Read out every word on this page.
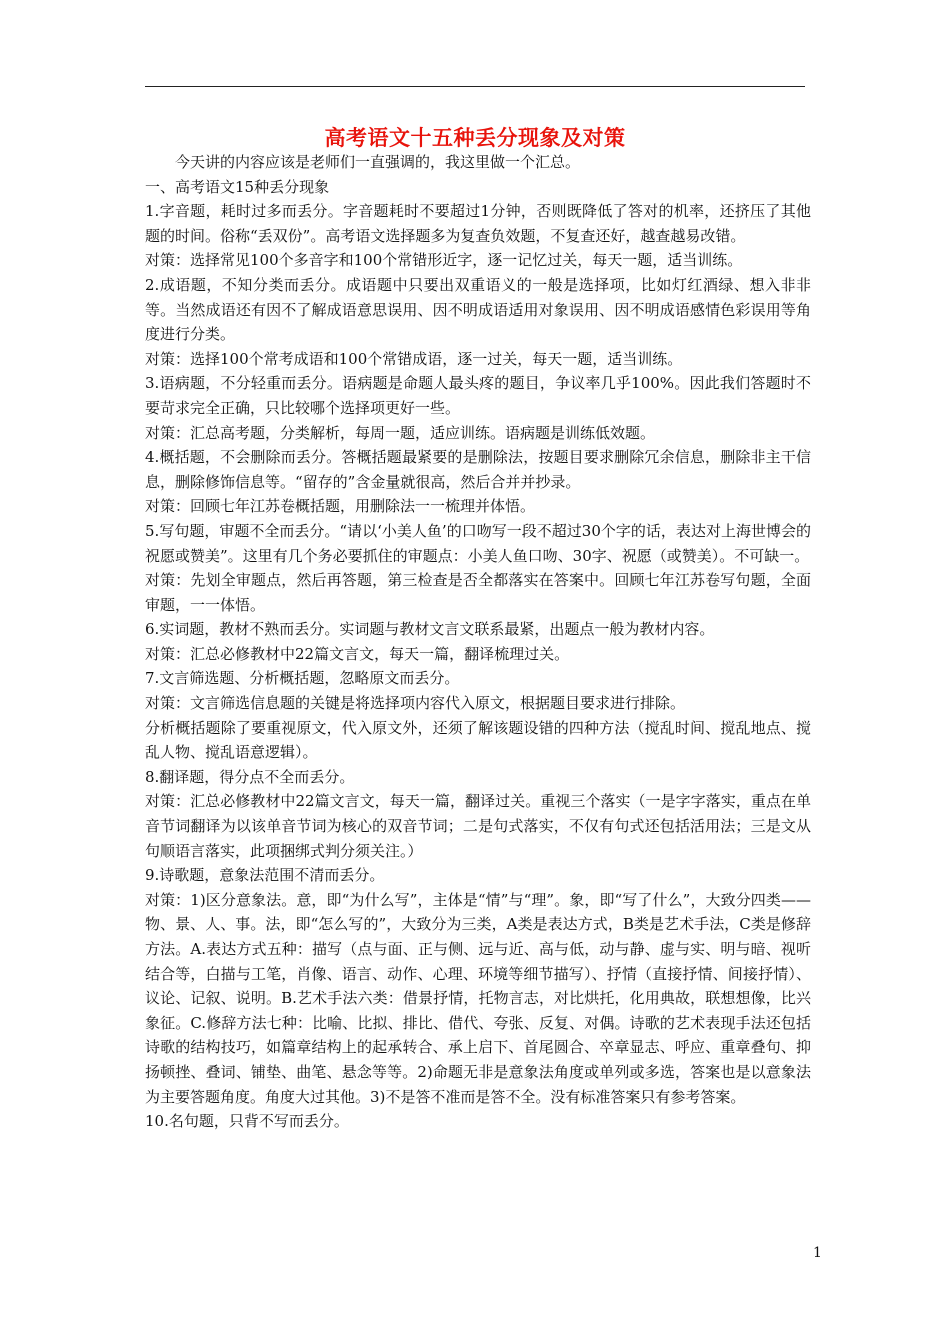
高考语文十五种丢分现象及对策

今天讲的内容应该是老师们一直强调的，我这里做一个汇总。

一、高考语文15种丢分现象

1.字音题，耗时过多而丢分。字音题耗时不要超过1分钟，否则既降低了答对的机率，还挤压了其他题的时间。俗称“丢双份”。高考语文选择题多为复查负效题，不复查还好，越查越易改错。

对策：选择常见100个多音字和100个常错形近字，逐一记忆过关，每天一题，适当训练。

2.成语题，不知分类而丢分。成语题中只要出双重语义的一般是选择项，比如灯红酒绿、想入非非等。当然成语还有因不了解成语意思误用、因不明成语适用对象误用、因不明成语感情色彩误用等角度进行分类。

对策：选择100个常考成语和100个常错成语，逐一过关，每天一题，适当训练。

3.语病题，不分轻重而丢分。语病题是命题人最头疼的题目，争议率几乎100%。因此我们答题时不要苛求完全正确，只比较哪个选择项更好一些。

对策：汇总高考题，分类解析，每周一题，适应训练。语病题是训练低效题。

4.概括题，不会删除而丢分。答概括题最紧要的是删除法，按题目要求删除冗余信息，删除非主干信息，删除修饰信息等。“留存的”含金量就很高，然后合并并抄录。

对策：回顾七年江苏卷概括题，用删除法一一梳理并体悟。

5.写句题，审题不全而丢分。“请以‘小美人鱼’的口吻写一段不超过30个字的话，表达对上海世博会的祝愿或赞美”。这里有几个务必要抓住的审题点：小美人鱼口吻、30字、祝愿（或赞美）。不可缺一。

对策：先划全审题点，然后再答题，第三检查是否全都落实在答案中。回顾七年江苏卷写句题，全面审题，一一体悟。

6.实词题，教材不熟而丢分。实词题与教材文言文联系最紧，出题点一般为教材内容。

对策：汇总必修教材中22篇文言文，每天一篇，翻译梳理过关。

7.文言筛选题、分析概括题，忽略原文而丢分。

对策：文言筛选信息题的关键是将选择项内容代入原文，根据题目要求进行排除。

分析概括题除了要重视原文，代入原文外，还须了解该题设错的四种方法（搅乱时间、搅乱地点、搅乱人物、搅乱语意逻辑）。

8.翻译题，得分点不全而丢分。

对策：汇总必修教材中22篇文言文，每天一篇，翻译过关。重视三个落实（一是字字落实，重点在单音节词翻译为以该单音节词为核心的双音节词；二是句式落实，不仅有句式还包括活用法；三是文从句顺语言落实，此项捆绑式判分须关注。）

9.诗歌题，意象法范围不清而丢分。

对策：1)区分意象法。意，即“为什么写”，主体是“情”与“理”。象，即“写了什么”，大致分四类——物、景、人、事。法，即“怎么写的”，大致分为三类，A类是表达方式，B类是艺术手法，C类是修辞方法。A.表达方式五种：描写（点与面、正与侧、远与近、高与低，动与静、虚与实、明与暗、视听结合等，白描与工笔，肖像、语言、动作、心理、环境等细节描写）、抒情（直接抒情、间接抒情）、议论、记叙、说明。B.艺术手法六类：借景抒情，托物言志，对比烘托，化用典故，联想想像，比兴象征。C.修辞方法七种：比喻、比拟、排比、借代、夸张、反复、对偶。诗歌的艺术表现手法还包括诗歌的结构技巧，如篇章结构上的起承转合、承上启下、首尾圆合、卒章显志、呼应、重章叠句、抑扬顿挫、叠词、铺垫、曲笔、悬念等等。2)命题无非是意象法角度或单列或多选，答案也是以意象法为主要答题角度。角度大过其他。3)不是答不准而是答不全。没有标准答案只有参考答案。

10.名句题，只背不写而丢分。

1
